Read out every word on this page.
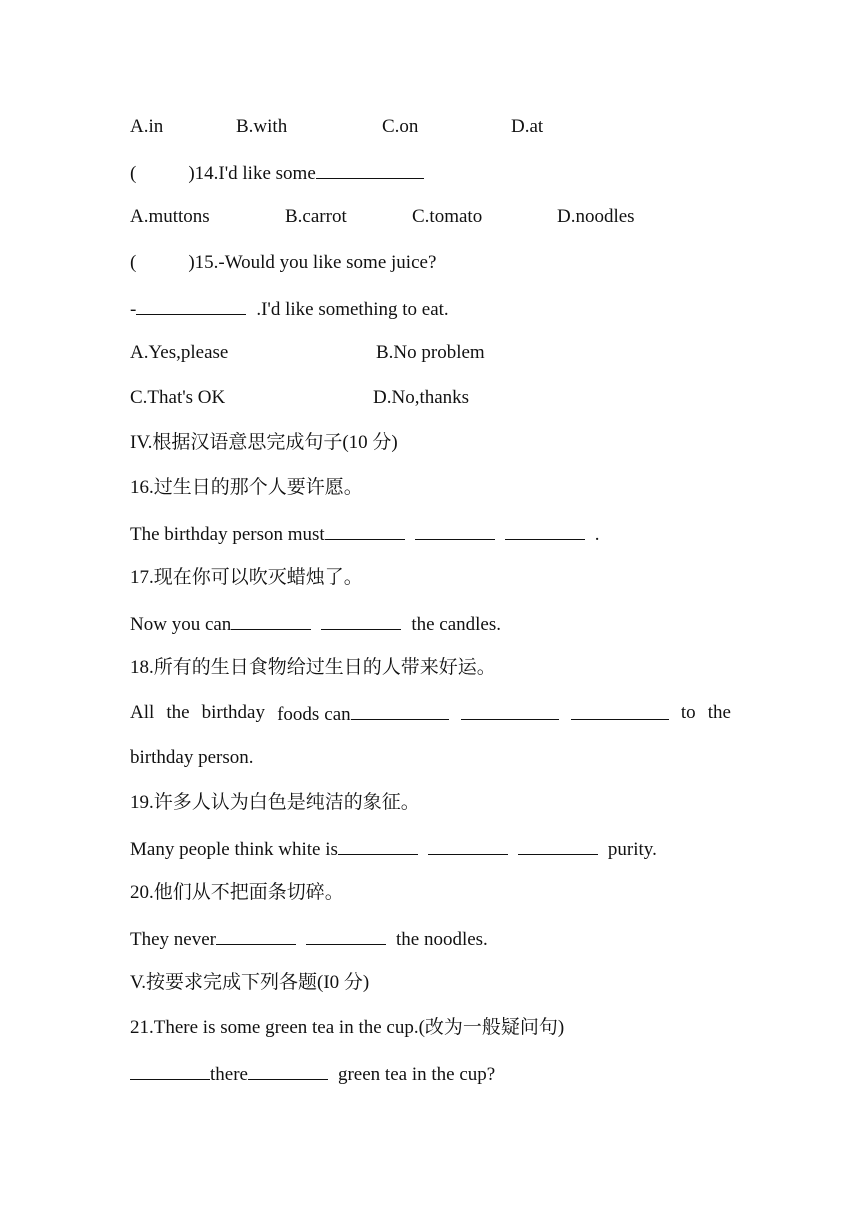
A.in	B.with	C.on	D.at
(	)14.I'd like some
A.muttons	B.carrot	C.tomato	D.noodles
(	)15.-Would you like some juice?
-	.I'd like something to eat.
A.Yes,please	B.No problem
C.That's OK	D.No,thanks
IV.根据汉语意思完成句子(10 分)
16.过生日的那个人要许愿。
The birthday person must	.
17.现在你可以吹灭蜡烛了。
Now you can	the candles.
18.所有的生日食物给过生日的人带来好运。
All the birthday foods can	to the
birthday person.
19.许多人认为白色是纯洁的象征。
Many people think white is	purity.
20.他们从不把面条切碎。
They never	the noodles.
V.按要求完成下列各题(I0 分)
21.There is some green tea in the cup.(改为一般疑问句)
there	green tea in the cup?
